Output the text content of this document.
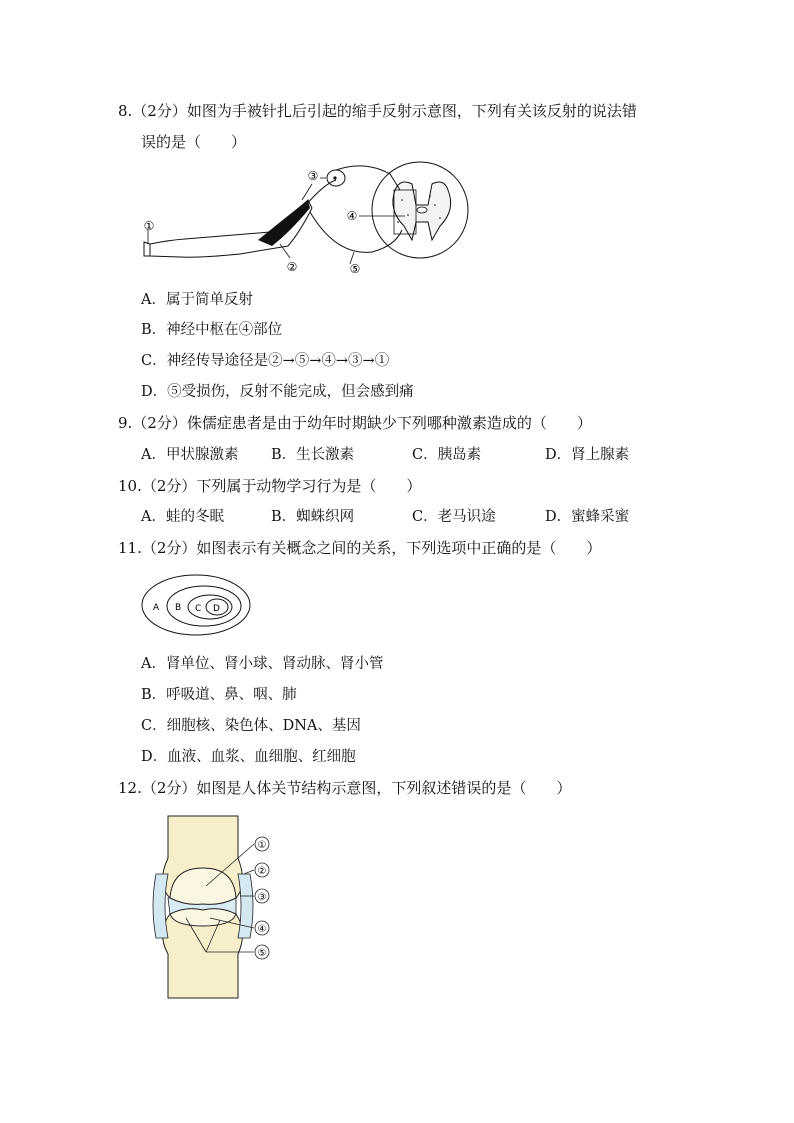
8.（2分）如图为手被针扎后引起的缩手反射示意图，下列有关该反射的说法错
误的是（　　）
③
④
①
②	⑤
A．属于简单反射
B．神经中枢在④部位
C．神经传导途径是②→⑤→④→③→①
D．⑤受损伤，反射不能完成，但会感到痛
9.（2分）侏儒症患者是由于幼年时期缺少下列哪种激素造成的（　　）
A．甲状腺激素 B．生长激素	C．胰岛素	D．肾上腺素
10.（2分）下列属于动物学习行为是（　　）
A．蛙的冬眠	B．蜘蛛织网	C．老马识途	D．蜜蜂采蜜
11.（2分）如图表示有关概念之间的关系，下列选项中正确的是（　　）
A B C D
A．肾单位、肾小球、肾动脉、肾小管
B．呼吸道、鼻、咽、肺
C．细胞核、染色体、DNA、基因
D．血液、血浆、血细胞、红细胞
12.（2分）如图是人体关节结构示意图，下列叙述错误的是（　　）
①
②
③
④
⑤
